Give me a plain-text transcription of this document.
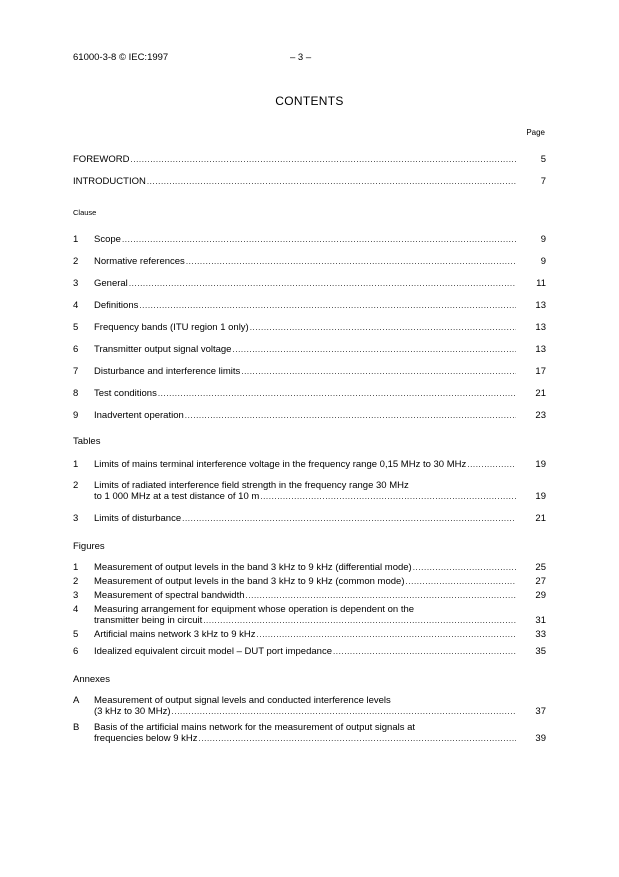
61000-3-8 © IEC:1997	– 3 –
CONTENTS
Page
FOREWORD .....	5
INTRODUCTION .....	7
Clause
1	Scope .....	9
2	Normative references .....	9
3	General .....	11
4	Definitions .....	13
5	Frequency bands (ITU region 1 only) .....	13
6	Transmitter output signal voltage .....	13
7	Disturbance and interference limits .....	17
8	Test conditions .....	21
9	Inadvertent operation .....	23
Tables
1	Limits of mains terminal interference voltage in the frequency range 0,15 MHz to 30 MHz .....	19
2	Limits of radiated interference field strength in the frequency range 30 MHz
to 1 000 MHz at a test distance of 10 m .....	19
3	Limits of disturbance .....	21
Figures
1	Measurement of output levels in the band 3 kHz to 9 kHz (differential mode) .....	25
2	Measurement of output levels in the band 3 kHz to 9 kHz (common mode) .....	27
3	Measurement of spectral bandwidth .....	29
4	Measuring arrangement for equipment whose operation is dependent on the
transmitter being in circuit .....	31
5	Artificial mains network 3 kHz to 9 kHz .....	33
6	Idealized equivalent circuit model – DUT port impedance .....	35
Annexes
A	Measurement of output signal levels and conducted interference levels
(3 kHz to 30 MHz) .....	37
B	Basis of the artificial mains network for the measurement of output signals at
frequencies below 9 kHz .....	39
